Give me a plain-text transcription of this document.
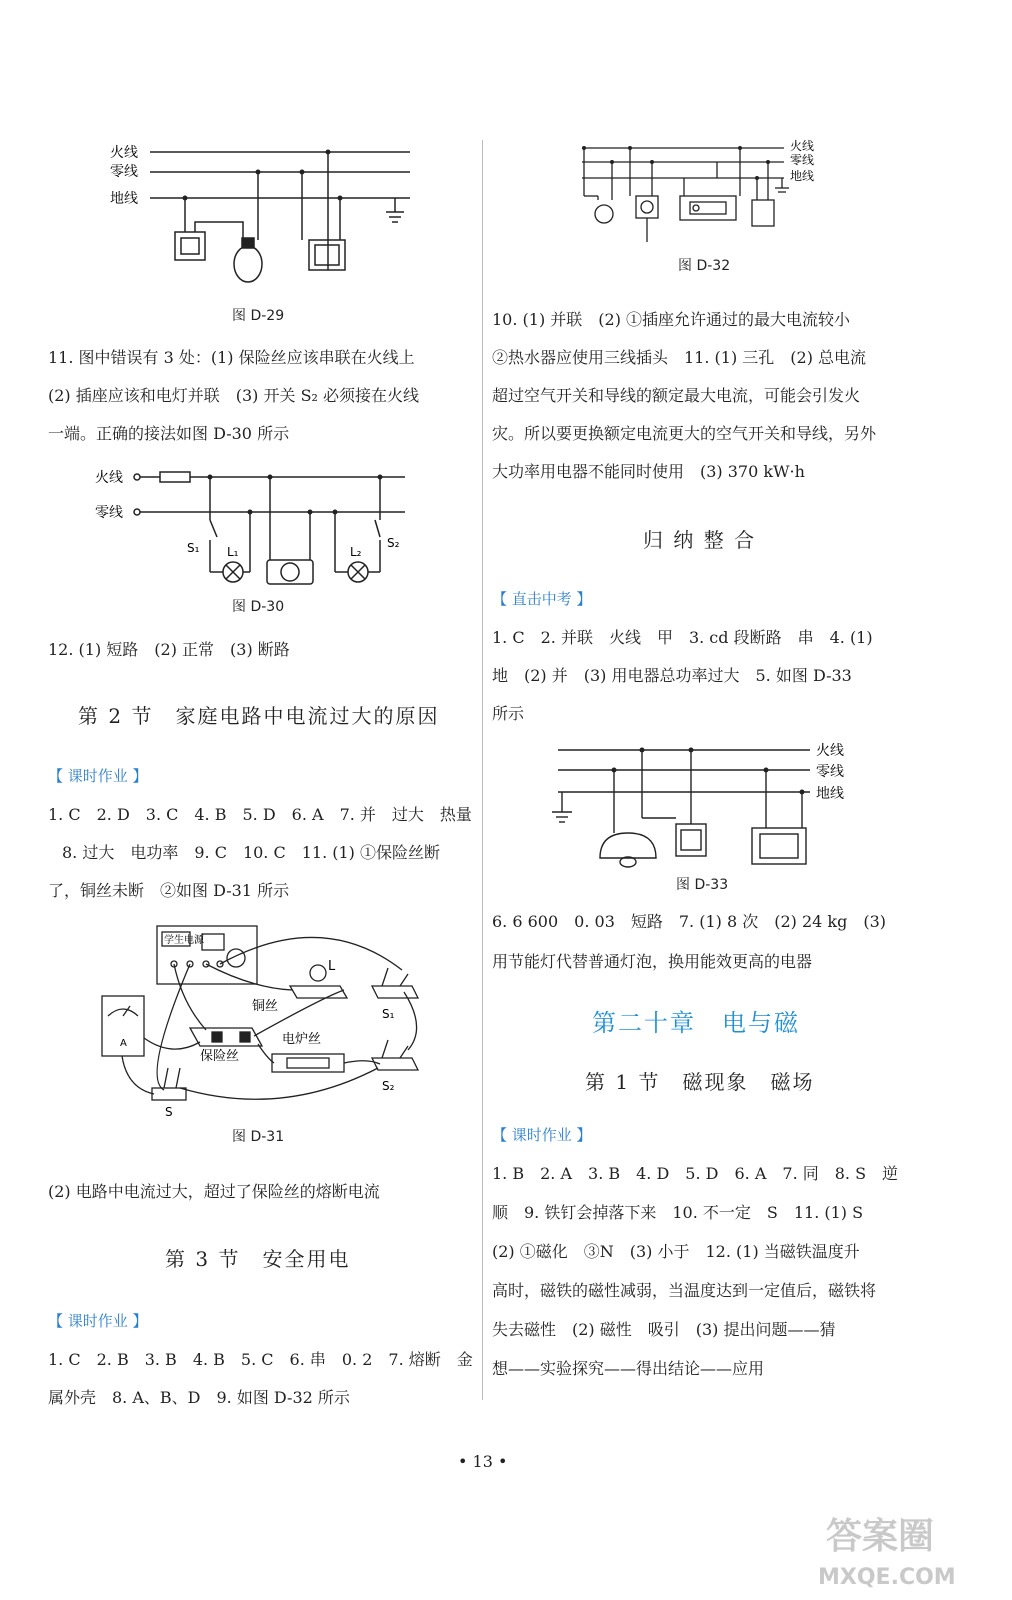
火线
零线
地线
图 D-29
11. 图中错误有 3 处：(1) 保险丝应该串联在火线上
(2) 插座应该和电灯并联　(3) 开关 S₂ 必须接在火线
一端。正确的接法如图 D-30 所示
火线
零线
S₁ L₁	L₂
S₂
图 D-30
12. (1) 短路　(2) 正常　(3) 断路
第 2 节　家庭电路中电流过大的原因
【 课时作业 】
1. C　2. D　3. C　4. B　5. D　6. A　7. 并　过大　热量
8. 过大　电功率　9. C　10. C　11. (1) ①保险丝断
了，铜丝未断　②如图 D-31 所示
学生电源
L
铜丝
电炉丝
保险丝
S₁
S₂
S
A
图 D-31
(2) 电路中电流过大，超过了保险丝的熔断电流
第 3 节　安全用电
【 课时作业 】
1. C　2. B　3. B　4. B　5. C　6. 串　0. 2　7. 熔断　金
属外壳　8. A、B、D　9. 如图 D-32 所示
火线
零线
地线
图 D-32
10. (1) 并联　(2) ①插座允许通过的最大电流较小
②热水器应使用三线插头　11. (1) 三孔　(2) 总电流
超过空气开关和导线的额定最大电流，可能会引发火
灾。所以要更换额定电流更大的空气开关和导线，另外
大功率用电器不能同时使用　(3) 370 kW·h
归 纳 整 合
【 直击中考 】
1. C　2. 并联　火线　甲　3. cd 段断路　串　4. (1)
地　(2) 并　(3) 用电器总功率过大　5. 如图 D-33
所示
火线
零线
地线
图 D-33
6. 6 600　0. 03　短路　7. (1) 8 次　(2) 24 kg　(3)
用节能灯代替普通灯泡，换用能效更高的电器
第二十章　电与磁
第 1 节　磁现象　磁场
【 课时作业 】
1. B　2. A　3. B　4. D　5. D　6. A　7. 同　8. S　逆
顺　9. 铁钉会掉落下来　10. 不一定　S　11. (1) S
(2) ①磁化　③N　(3) 小于　12. (1) 当磁铁温度升
高时，磁铁的磁性减弱，当温度达到一定值后，磁铁将
失去磁性　(2) 磁性　吸引　(3) 提出问题——猜
想——实验探究——得出结论——应用
• 13 •
答案圈
MXQE.COM
